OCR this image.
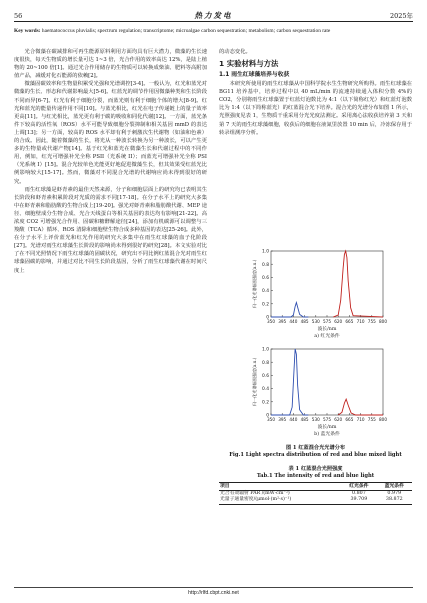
56	热力发电	2025年
Key words: haematococcus pluvialis; spectrum regulation; transcriptome; microalgae carbon sequestration; metabolism; carbon sequestration rate

光合微藻在碳减排和可再生能源原料利用方面均具有巨大潜力，微藻的生长速度很快，每天生物质的增长量可达 1~3 倍，光合作用的效率高达 12%，是陆上植物的 20~100 倍[1]。通过光合作用储存的生物质可以转换成柴油、肥料等高附加值产品，减缓对化石能源的依赖[2]。

微藻固碳效率和生物量积累受光强和光谱调控[3-4]。一般认为，红光和蓝光对微藻的生长、形态和代谢影响最大[5-6]。红蓝光的调节作用因微藻种类和生长阶段不同而异[6-7]。红光有利于细胞分裂，而蓝光则有利于细胞个体的增大[8-9]。红光和蓝光的能量传递作用不同[10]。与蓝光相比，红光在电子传递链上的量子效率更高[11]。与红光相比，蓝光更有利于碳的吸收和同化代谢[12]。一方面，蓝光条件下较高的活性氧（ROS）水平可能导致细胞分裂抑制和相关基因 mmD 的表达上调[13]；另一方面，较高的 ROS 水平却有利于刺激次生代谢物（如油和色素）的合成。因此，随着微藻的生长，将光从一种波长转换为另一种波长，可以产生更多的生物量或代谢产物[14]。基于红光和蓝光在微藻生长和代谢过程中的不同作用，例如，红光可增强补光全称 PSII（光系统 II）；而蓝光可增强补光全称 PSI（光系统 I）[15]。混合光较单色光能更好地促进微藻生长，但其效果受红蓝光比例影响较大[15-17]。然而，微藻对不同混合光谱的代谢响应尚未得到很好的研究。

雨生红球藻是虾青素的最佳天然来源，分子和细胞层面上的研究均已表明其生长阶段和虾青素积累阶段对光质的需求不同[17-18]。在分子水平上的研究大多集中在虾青素和脂肪酸的生物合成上[19-20]。强光对虾青素和脂肪酸代谢、MEP 途径、细胞壁成分生物合成、光合天线蛋白等相关基因的表达均有影响[21-22]。高浓度 CO2 可增强光合作用、固碳和糖酵解途径[24]，添加有机碳源可以调整与三羧酸（TCA）循环、ROS 清除和细胞壁生物合成多种基因的表达[25-26]。此外，在分子水平上评价蓝光和红光作用的研究大多集中在雨生红球藻的血子化阶段[27]。光谱对雨生红球藻生长阶段的影响尚未得到很好的研究[28]。本文实验对比了在不同光照情况下雨生红球藻的固碳状况，研究出不同比例红蓝混合光对雨生红球藻固碳的影响，并通过对比不同生长阶段基因，分析了雨生红球藻代谢在时间尺度上

的动态变化。

1 实验材料与方法
1.1 雨生红球藻培养与收获

本研究所使用的雨生红球藻从中国科学院水生生物研究所购得。雨生红球藻在 BG11 培养基中，培养过程中以 40 mL/min 的流速持续通入体积分数 4%的 CO2，分别将雨生红球藻置于红蓝灯泡数比为 4:1（以下简称红光）和红蓝灯泡数比为 1:4（以下简称蓝光）的红蓝混合光下培养。混合光的光谱分布如图 1 所示，光照强度见表 1，生物质干重采用分光光度法测定。采用离心法收获培养第 3 天和第 7 天的雨生红球藻细胞，收获后的细胞在液氮里放置 10 min 后，冷冻保存用于转录组测序分析。

0
0.2
0.4
0.6
0.8
1.0
350 395 440 485 530 575 620 665 710 755 800
波长/nm
归一化光谱辐照强度(a.u.)
a) 红光条件
0
0.2
0.4
0.6
0.8
1.0
350 395 440 485 530 575 620 665 710 755 800
波长/nm
归一化光谱辐照强度(a.u.)
b) 蓝光条件
图 1 红蓝混合光光谱分布
Fig.1 Light spectra distribution of red and blue mixed light
表 1 红蓝混合光照强度
Tab.1 The intensity of red and blue light
项目	红光条件	蓝光条件
光合有效辐射 PAR /(mW·cm⁻²)	0.807	0.979
光量子通量密度/(μmol·(m²·s)⁻¹)	39.709	38.872
http://rlfd.cbpt.cnki.net
